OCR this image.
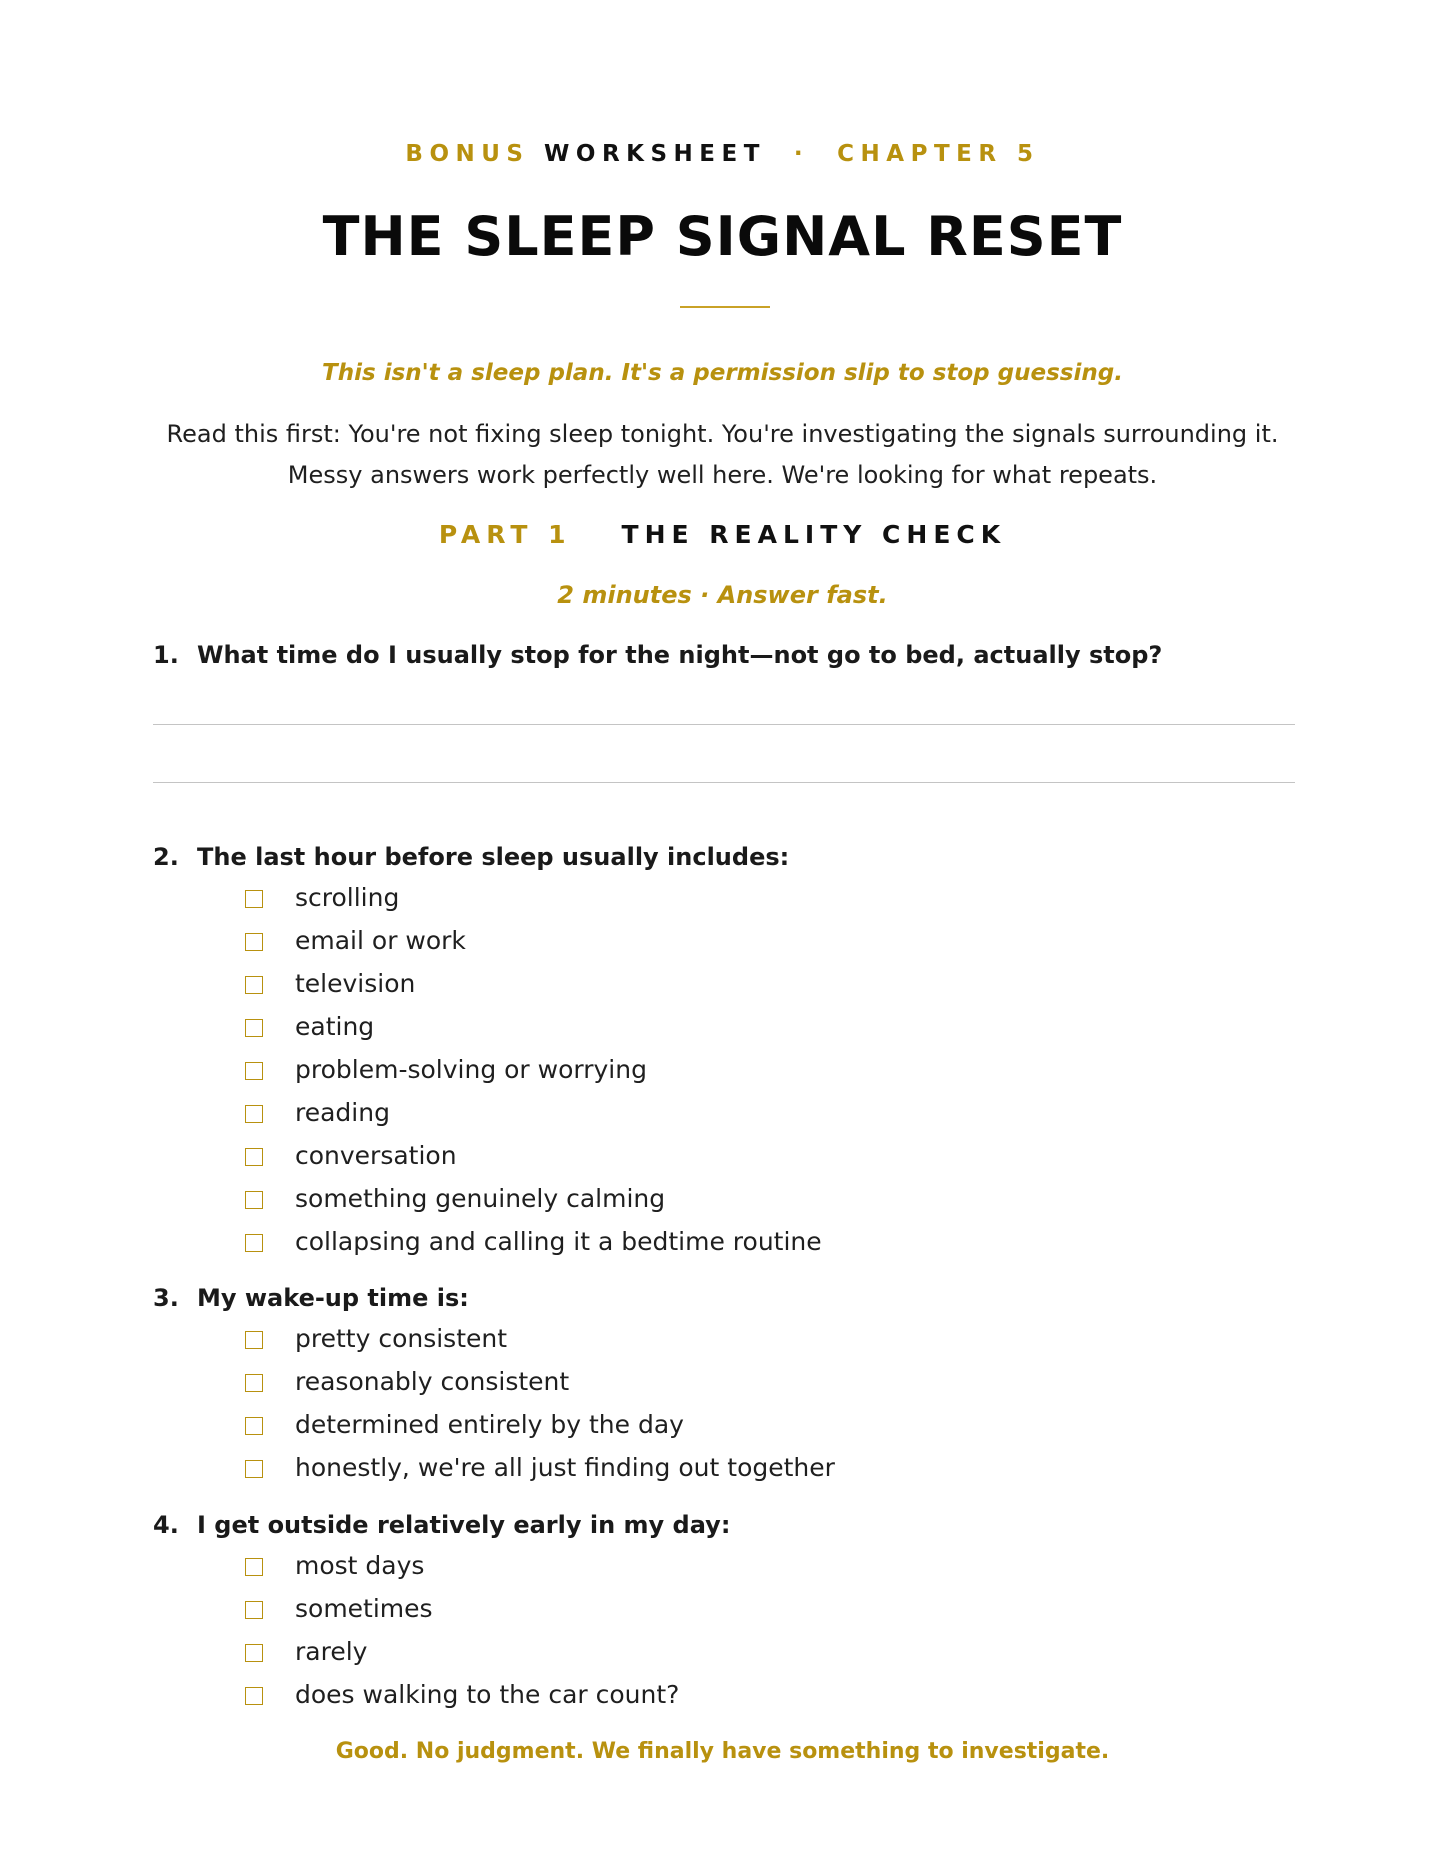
BONUS WORKSHEET · CHAPTER 5
THE SLEEP SIGNAL RESET
This isn't a sleep plan. It's a permission slip to stop guessing.
Read this first: You're not fixing sleep tonight. You're investigating the signals surrounding it. Messy answers work perfectly well here. We're looking for what repeats.
PART 1 THE REALITY CHECK
2 minutes · Answer fast.
1. What time do I usually stop for the night—not go to bed, actually stop?
2. The last hour before sleep usually includes:
scrolling
email or work
television
eating
problem-solving or worrying
reading
conversation
something genuinely calming
collapsing and calling it a bedtime routine
3. My wake-up time is:
pretty consistent
reasonably consistent
determined entirely by the day
honestly, we're all just finding out together
4. I get outside relatively early in my day:
most days
sometimes
rarely
does walking to the car count?
Good. No judgment. We finally have something to investigate.
